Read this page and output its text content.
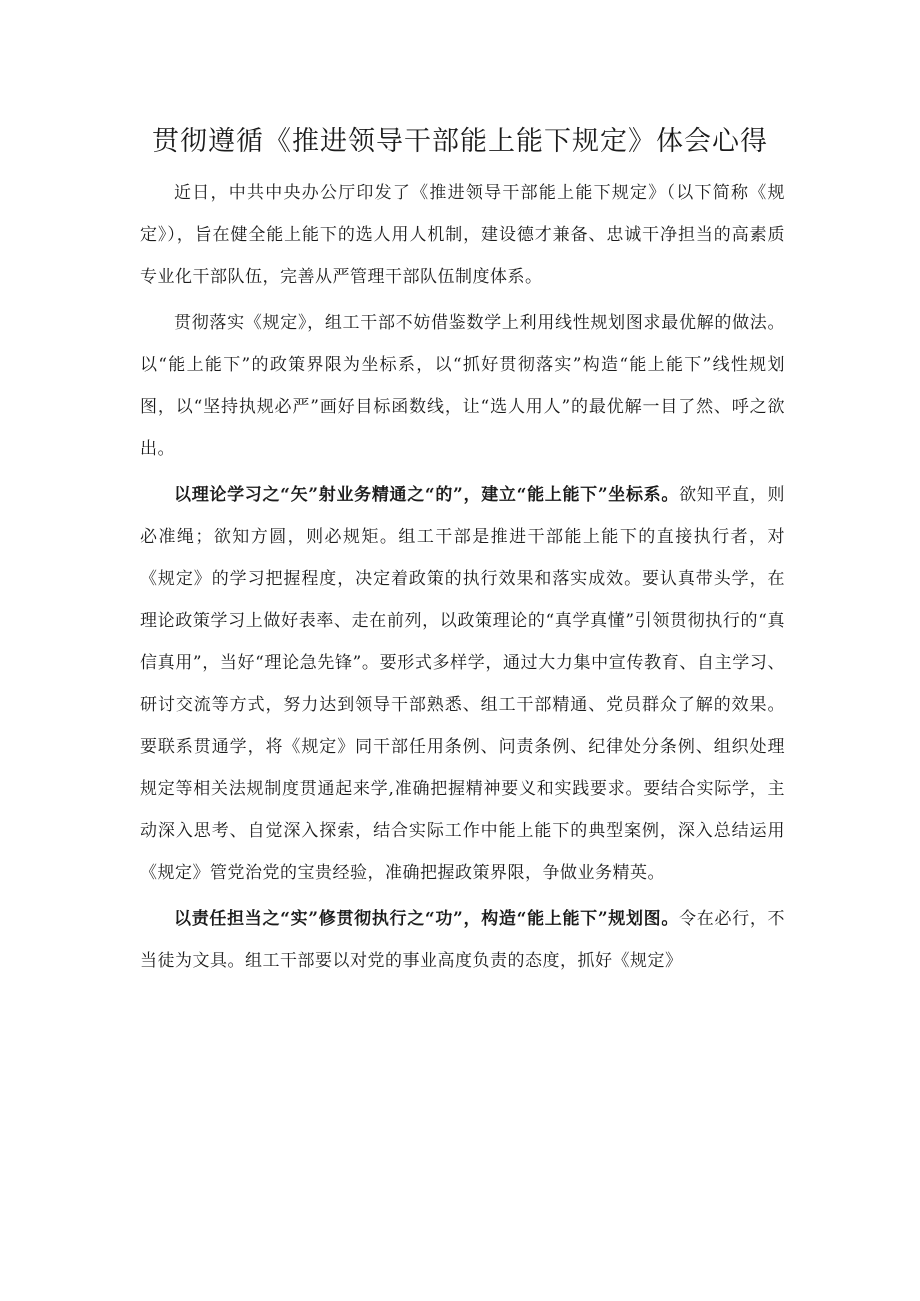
贯彻遵循《推进领导干部能上能下规定》体会心得

近日，中共中央办公厅印发了《推进领导干部能上能下规定》（以下简称《规定》），旨在健全能上能下的选人用人机制，建设德才兼备、忠诚干净担当的高素质专业化干部队伍，完善从严管理干部队伍制度体系。

贯彻落实《规定》，组工干部不妨借鉴数学上利用线性规划图求最优解的做法。以“能上能下”的政策界限为坐标系，以“抓好贯彻落实”构造“能上能下”线性规划图，以“坚持执规必严”画好目标函数线，让“选人用人”的最优解一目了然、呼之欲出。

以理论学习之“矢”射业务精通之“的”，建立“能上能下”坐标系。欲知平直，则必准绳；欲知方圆，则必规矩。组工干部是推进干部能上能下的直接执行者，对《规定》的学习把握程度，决定着政策的执行效果和落实成效。要认真带头学，在理论政策学习上做好表率、走在前列，以政策理论的“真学真懂”引领贯彻执行的“真信真用”，当好“理论急先锋”。要形式多样学，通过大力集中宣传教育、自主学习、研讨交流等方式，努力达到领导干部熟悉、组工干部精通、党员群众了解的效果。要联系贯通学，将《规定》同干部任用条例、问责条例、纪律处分条例、组织处理规定等相关法规制度贯通起来学,准确把握精神要义和实践要求。要结合实际学，主动深入思考、自觉深入探索，结合实际工作中能上能下的典型案例，深入总结运用《规定》管党治党的宝贵经验，准确把握政策界限，争做业务精英。

以责任担当之“实”修贯彻执行之“功”，构造“能上能下”规划图。令在必行，不当徒为文具。组工干部要以对党的事业高度负责的态度，抓好《规定》
